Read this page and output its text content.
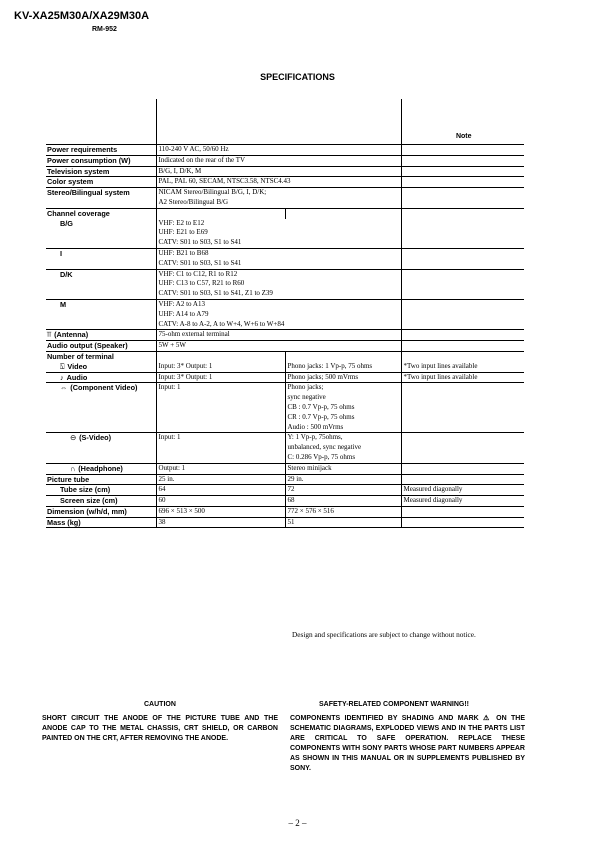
KV-XA25M30A/XA29M30A
RM-952
SPECIFICATIONS
			Note
Power requirements	110-240 V AC, 50/60 Hz		
Power consumption (W)	Indicated on the rear of the TV		
Television system	B/G, I, D/K, M		
Color system	PAL, PAL 60, SECAM, NTSC3.58, NTSC4.43		
Stereo/Bilingual system	NICAM Stereo/Bilingual B/G, I, D/K;
A2 Stereo/Bilingual B/G		
Channel coverage			
B/G	VHF: E2 to E12
UHF: E21 to E69
CATV: S01 to S03, S1 to S41		
I	UHF: B21 to B68
CATV: S01 to S03, S1 to S41		
D/K	VHF: C1 to C12, R1 to R12
UHF: C13 to C57, R21 to R60
CATV: S01 to S03, S1 to S41, Z1 to Z39		
M	VHF: A2 to A13
UHF: A14 to A79
CATV: A-8 to A-2, A to W+4, W+6 to W+84		
⫪ (Antenna)	75-ohm external terminal		
Audio output (Speaker)	5W + 5W		
Number of terminal			
⍂ Video	Input: 3* Output: 1	Phono jacks: 1 Vp-p, 75 ohms	*Two input lines available
♪ Audio	Input: 3* Output: 1	Phono jacks; 500 mVrms	*Two input lines available
⇔ (Component Video)	Input: 1	Phono jacks;
sync negative
CB : 0.7 Vp-p, 75 ohms
CR : 0.7 Vp-p, 75 ohms
Audio : 500 mVrms	
⊖ (S-Video)	Input: 1	Y: 1 Vp-p, 75ohms,
unbalanced, sync negative
C: 0.286 Vp-p, 75 ohms	
∩ (Headphone)	Output: 1	Stereo minijack	
Picture tube	25 in.	29 in.	
Tube size (cm)	64	72	Measured diagonally
Screen size (cm)	60	68	Measured diagonally
Dimension (w/h/d, mm)	696 × 513 × 500	772 × 576 × 516	
Mass (kg)	38	51	
Design and specifications are subject to change without notice.
CAUTION
SHORT CIRCUIT THE ANODE OF THE PICTURE TUBE AND THE ANODE CAP TO THE METAL CHASSIS, CRT SHIELD, OR CARBON PAINTED ON THE CRT, AFTER REMOVING THE ANODE.
SAFETY-RELATED COMPONENT WARNING!!
COMPONENTS IDENTIFIED BY SHADING AND MARK ⚠ ON THE SCHEMATIC DIAGRAMS, EXPLODED VIEWS AND IN THE PARTS LIST ARE CRITICAL TO SAFE OPERATION. REPLACE THESE COMPONENTS WITH SONY PARTS WHOSE PART NUMBERS APPEAR AS SHOWN IN THIS MANUAL OR IN SUPPLEMENTS PUBLISHED BY SONY.
– 2 –
